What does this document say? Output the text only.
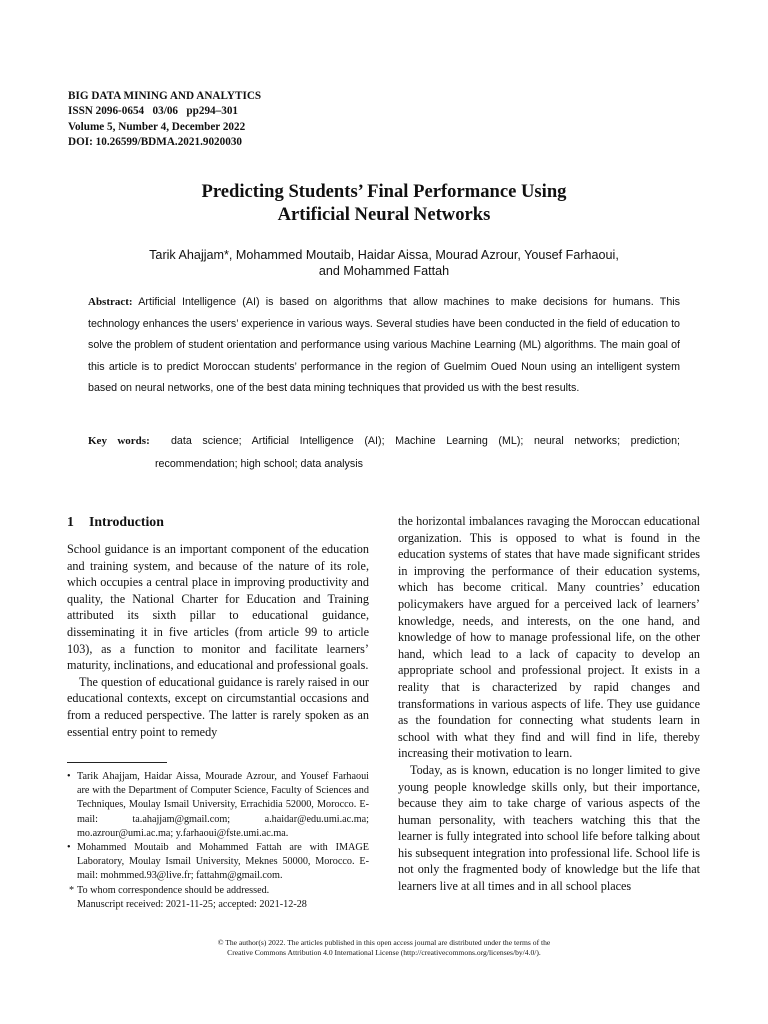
BIG DATA MINING AND ANALYTICS
ISSN 2096-0654   03/06   pp294–301
Volume 5, Number 4, December 2022
DOI: 10.26599/BDMA.2021.9020030
Predicting Students’ Final Performance Using
Artificial Neural Networks
Tarik Ahajjam*, Mohammed Moutaib, Haidar Aissa, Mourad Azrour, Yousef Farhaoui,
and Mohammed Fattah
Abstract: Artificial Intelligence (AI) is based on algorithms that allow machines to make decisions for humans. This technology enhances the users’ experience in various ways. Several studies have been conducted in the field of education to solve the problem of student orientation and performance using various Machine Learning (ML) algorithms. The main goal of this article is to predict Moroccan students’ performance in the region of Guelmim Oued Noun using an intelligent system based on neural networks, one of the best data mining techniques that provided us with the best results.
Key words: data science; Artificial Intelligence (AI); Machine Learning (ML); neural networks; prediction;
recommendation; high school; data analysis
1 Introduction

School guidance is an important component of the education and training system, and because of the nature of its role, which occupies a central place in improving productivity and quality, the National Charter for Education and Training attributed its sixth pillar to educational guidance, disseminating it in five articles (from article 99 to article 103), as a function to monitor and facilitate learners’ maturity, inclinations, and educational and professional goals.

The question of educational guidance is rarely raised in our educational contexts, except on circumstantial occasions and from a reduced perspective. The latter is rarely spoken as an essential entry point to remedy

the horizontal imbalances ravaging the Moroccan educational organization. This is opposed to what is found in the education systems of states that have made significant strides in improving the performance of their education systems, which has become critical. Many countries’ education policymakers have argued for a perceived lack of learners’ knowledge, needs, and interests, on the one hand, and knowledge of how to manage professional life, on the other hand, which lead to a lack of capacity to develop an appropriate school and professional project. It exists in a reality that is characterized by rapid changes and transformations in various aspects of life. They use guidance as the foundation for connecting what students learn in school with what they find and will find in life, thereby increasing their motivation to learn.

Today, as is known, education is no longer limited to give young people knowledge skills only, but their importance, because they aim to take charge of various aspects of the human personality, with teachers watching this that the learner is fully integrated into school life before talking about his subsequent integration into professional life. School life is not only the fragmented body of knowledge but the life that learners live at all times and in all school places

• Tarik Ahajjam, Haidar Aissa, Mourade Azrour, and Yousef Farhaoui are with the Department of Computer Science, Faculty of Sciences and Techniques, Moulay Ismail University, Errachidia 52000, Morocco. E-mail: ta.ahajjam@gmail.com; a.haidar@edu.umi.ac.ma; mo.azrour@umi.ac.ma; y.farhaoui@fste.umi.ac.ma.

• Mohammed Moutaib and Mohammed Fattah are with IMAGE Laboratory, Moulay Ismail University, Meknes 50000, Morocco. E-mail: mohmmed.93@live.fr; fattahm@gmail.com.

* To whom correspondence should be addressed.

Manuscript received: 2021-11-25; accepted: 2021-12-28

© The author(s) 2022. The articles published in this open access journal are distributed under the terms of the
Creative Commons Attribution 4.0 International License (http://creativecommons.org/licenses/by/4.0/).
